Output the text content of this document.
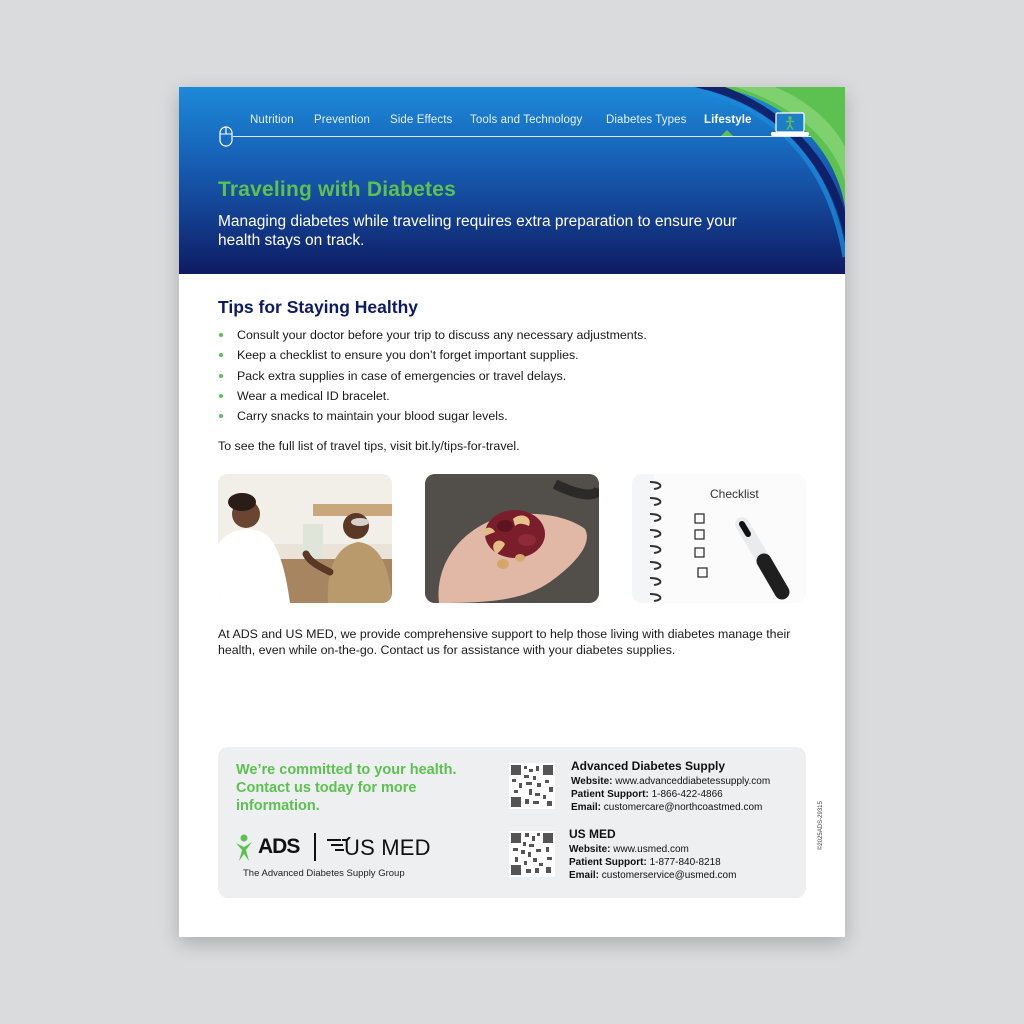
Nutrition Prevention Side Effects Tools and Technology Diabetes Types Lifestyle
Traveling with Diabetes
Managing diabetes while traveling requires extra preparation to ensure your health stays on track.
Tips for Staying Healthy
Consult your doctor before your trip to discuss any necessary adjustments.
Keep a checklist to ensure you don’t forget important supplies.
Pack extra supplies in case of emergencies or travel delays.
Wear a medical ID bracelet.
Carry snacks to maintain your blood sugar levels.
To see the full list of travel tips, visit bit.ly/tips-for-travel.
Checklist
At ADS and US MED, we provide comprehensive support to help those living with diabetes manage their health, even while on-the-go. Contact us for assistance with your diabetes supplies.
We’re committed to your health. Contact us today for more information.
ADS US MED
The Advanced Diabetes Supply Group
Advanced Diabetes Supply
Website: www.advanceddiabetessupply.com
Patient Support: 1-866-422-4866
Email: customercare@northcoastmed.com
US MED
Website: www.usmed.com
Patient Support: 1-877-840-8218
Email: customerservice@usmed.com
©2025ADS-29315
